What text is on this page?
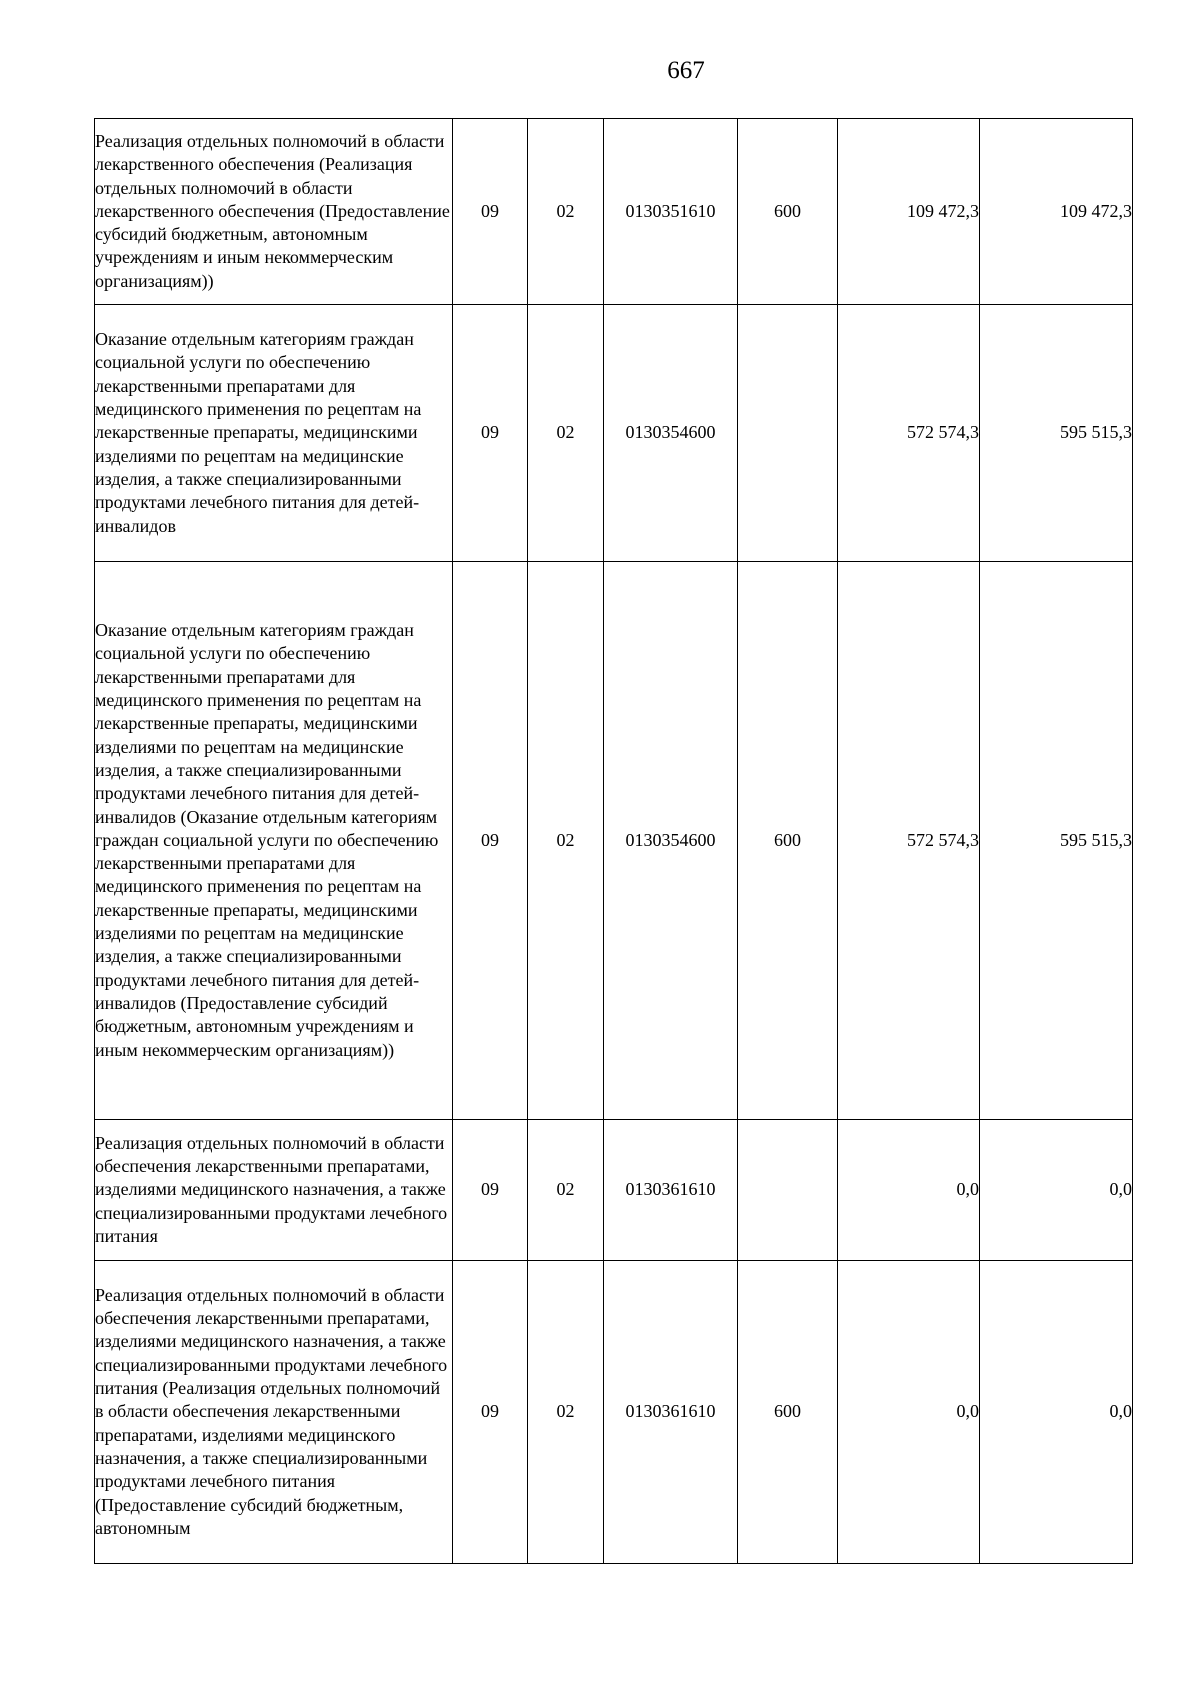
667
Реализация отдельных полномочий в области лекарственного обеспечения (Реализация отдельных полномочий в области лекарственного обеспечения (Предоставление субсидий бюджетным, автономным учреждениям и иным некоммерческим организациям))	09	02	0130351610	600	109 472,3	109 472,3
Оказание отдельным категориям граждан социальной услуги по обеспечению лекарственными препаратами для медицинского применения по рецептам на лекарственные препараты, медицинскими изделиями по рецептам на медицинские изделия, а также специализированными продуктами лечебного питания для детей-инвалидов	09	02	0130354600		572 574,3	595 515,3
Оказание отдельным категориям граждан социальной услуги по обеспечению лекарственными препаратами для медицинского применения по рецептам на лекарственные препараты, медицинскими изделиями по рецептам на медицинские изделия, а также специализированными продуктами лечебного питания для детей-инвалидов (Оказание отдельным категориям граждан социальной услуги по обеспечению лекарственными препаратами для медицинского применения по рецептам на лекарственные препараты, медицинскими изделиями по рецептам на медицинские изделия, а также специализированными продуктами лечебного питания для детей-инвалидов (Предоставление субсидий бюджетным, автономным учреждениям и иным некоммерческим организациям))	09	02	0130354600	600	572 574,3	595 515,3
Реализация отдельных полномочий в области обеспечения лекарственными препаратами, изделиями медицинского назначения, а также специализированными продуктами лечебного питания	09	02	0130361610		0,0	0,0
Реализация отдельных полномочий в области обеспечения лекарственными препаратами, изделиями медицинского назначения, а также специализированными продуктами лечебного питания (Реализация отдельных полномочий в области обеспечения лекарственными препаратами, изделиями медицинского назначения, а также специализированными продуктами лечебного питания (Предоставление субсидий бюджетным, автономным	09	02	0130361610	600	0,0	0,0
